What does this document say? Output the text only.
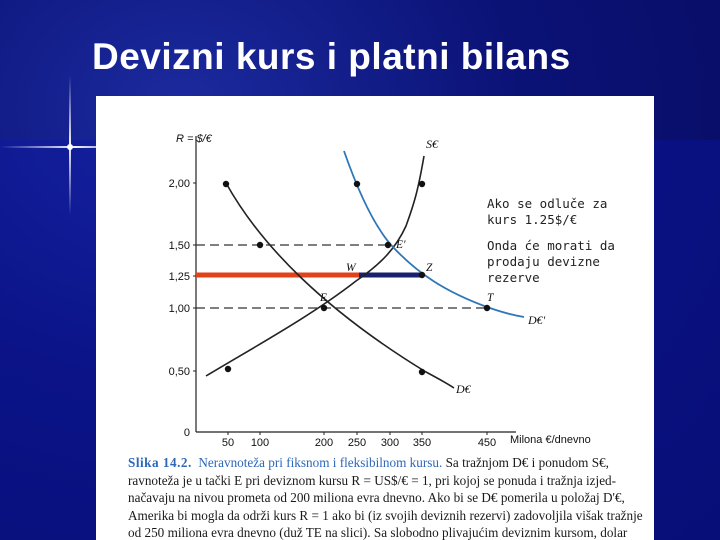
Devizni kurs i platni bilans
R = $/€
Milona €/dnevno
2,00
1,50
1,25
1,00
0,50
0
50 100	200 250 300 350	450
S€
D€
D€'
E
E'
W	Z
T
Ako se odluče za
kurs 1.25$/€
Onda će morati da
prodaju devizne
rezerve
Slika 14.2. Neravnoteža pri fiksnom i fleksibilnom kursu. Sa tražnjom D€ i ponudom S€,
ravnoteža je u tački E pri deviznom kursu R = US$/€ = 1, pri kojoj se ponuda i tražnja izjed-
načavaju na nivou prometa od 200 miliona evra dnevno. Ako bi se D€ pomerila u položaj D'€,
Amerika bi mogla da održi kurs R = 1 ako bi (iz svojih deviznih rezervi) zadovoljila višak tražnje
od 250 miliona evra dnevno (duž TE na slici). Sa slobodno plivajućim deviznim kursom, dolar
